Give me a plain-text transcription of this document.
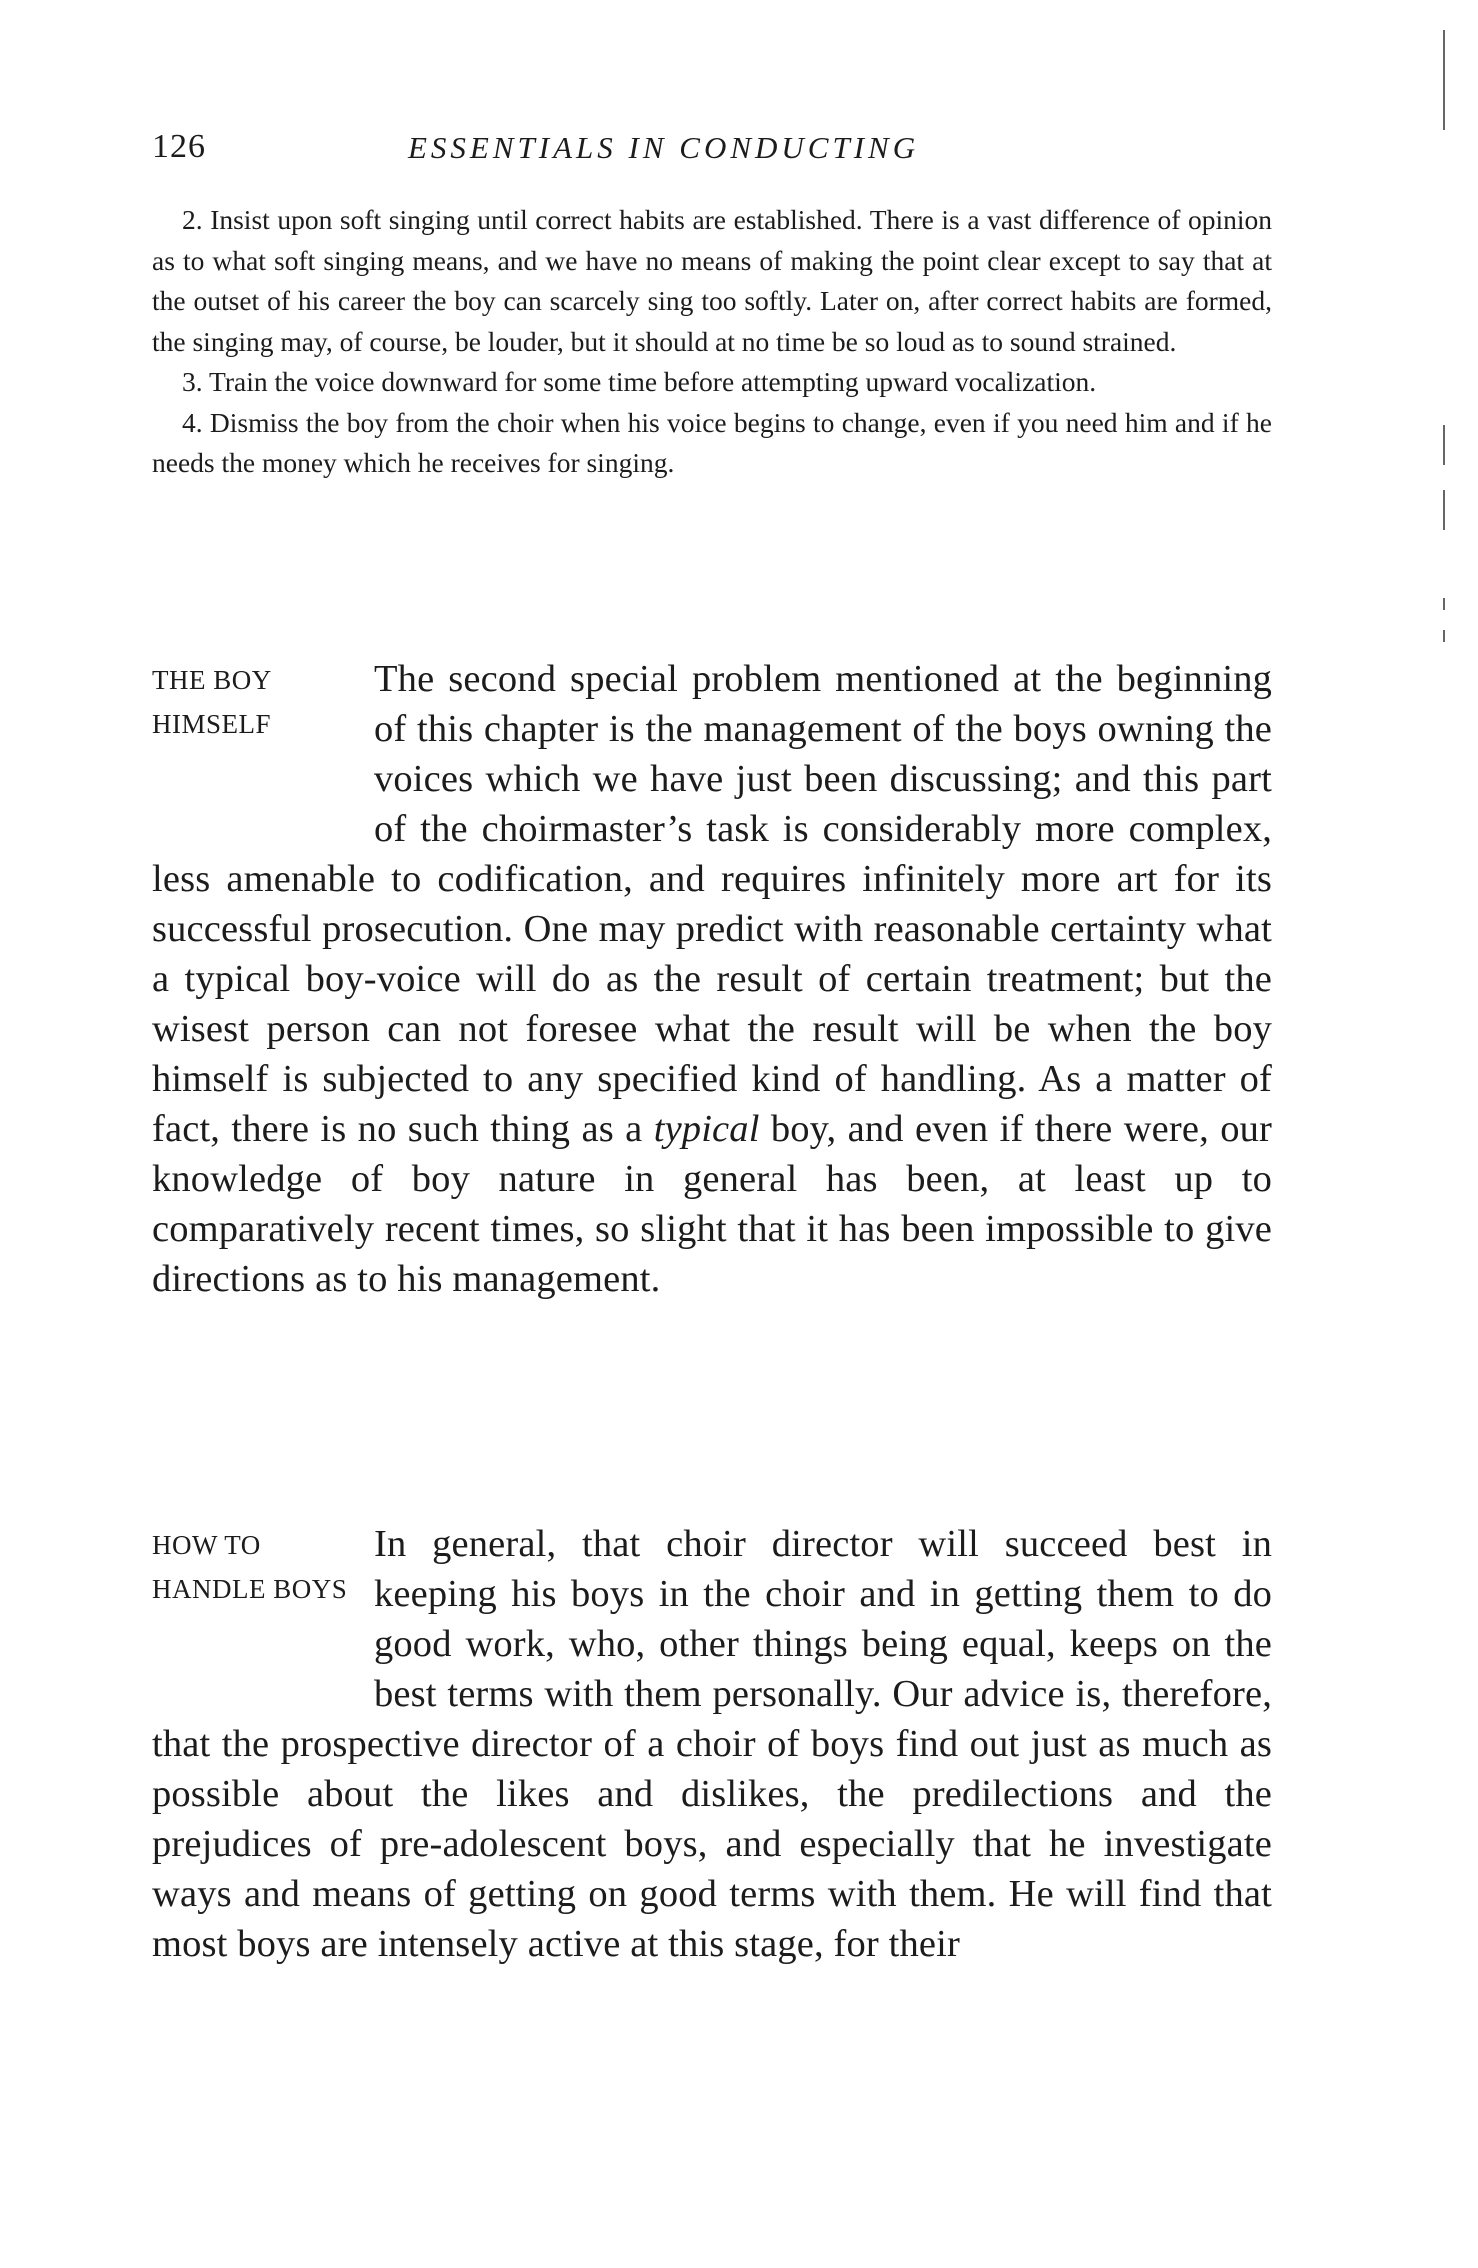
126	ESSENTIALS IN CONDUCTING

2. Insist upon soft singing until correct habits are established. There is a vast difference of opinion as to what soft singing means, and we have no means of making the point clear except to say that at the outset of his career the boy can scarcely sing too softly. Later on, after correct habits are formed, the singing may, of course, be louder, but it should at no time be so loud as to sound strained.

3. Train the voice downward for some time before attempting upward vocalization.

4. Dismiss the boy from the choir when his voice begins to change, even if you need him and if he needs the money which he receives for singing.

THE BOY
HIMSELF

The second special problem mentioned at the beginning of this chapter is the management of the boys owning the voices which we have just been discussing; and this part of the choirmaster’s task is considerably more complex, less amenable to codification, and requires infinitely more art for its successful prosecution. One may predict with reasonable certainty what a typical boy-voice will do as the result of certain treatment; but the wisest person can not foresee what the result will be when the boy himself is subjected to any specified kind of handling. As a matter of fact, there is no such thing as a typical boy, and even if there were, our knowledge of boy nature in general has been, at least up to comparatively recent times, so slight that it has been impossible to give directions as to his management.

HOW TO
HANDLE BOYS

In general, that choir director will succeed best in keeping his boys in the choir and in getting them to do good work, who, other things being equal, keeps on the best terms with them personally. Our advice is, therefore, that the prospective director of a choir of boys find out just as much as possible about the likes and dislikes, the predilections and the prejudices of pre-adolescent boys, and especially that he investigate ways and means of getting on good terms with them. He will find that most boys are intensely active at this stage, for their
